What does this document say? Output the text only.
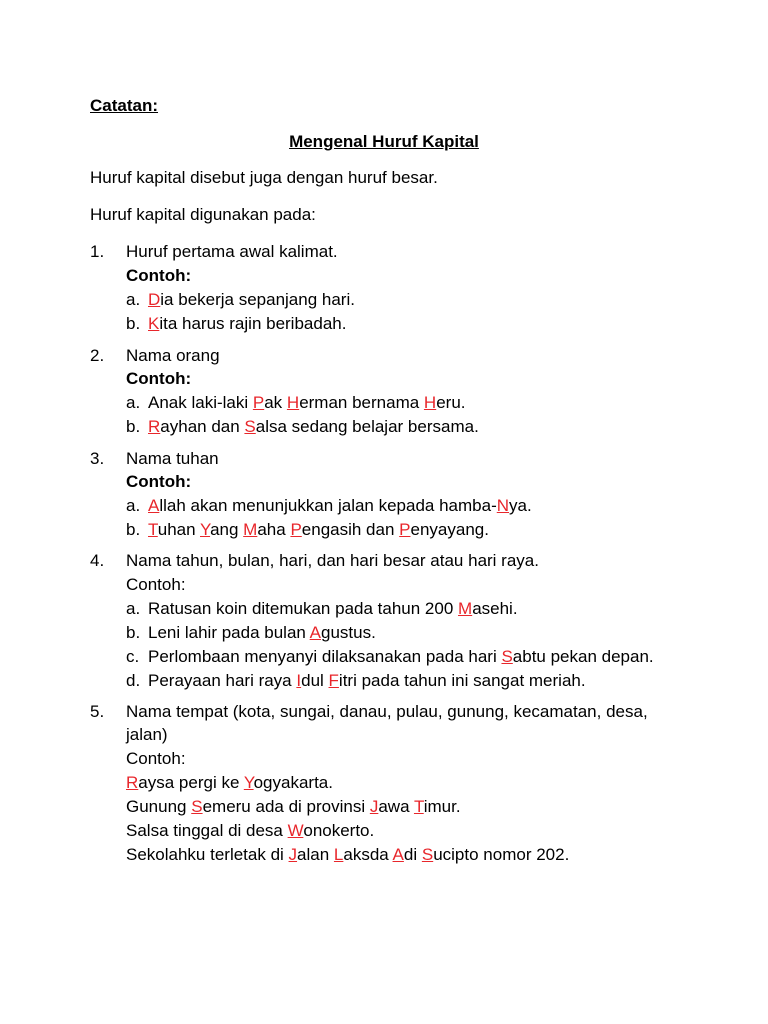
Catatan:
Mengenal Huruf Kapital
Huruf kapital disebut juga dengan huruf besar.
Huruf kapital digunakan pada:
1. Huruf pertama awal kalimat.
Contoh:
a. Dia bekerja sepanjang hari.
b. Kita harus rajin beribadah.
2. Nama orang
Contoh:
a. Anak laki-laki Pak Herman bernama Heru.
b. Rayhan dan Salsa sedang belajar bersama.
3. Nama tuhan
Contoh:
a. Allah akan menunjukkan jalan kepada hamba-Nya.
b. Tuhan Yang Maha Pengasih dan Penyayang.
4. Nama tahun, bulan, hari, dan hari besar atau hari raya.
Contoh:
a. Ratusan koin ditemukan pada tahun 200 Masehi.
b. Leni lahir pada bulan Agustus.
c. Perlombaan menyanyi dilaksanakan pada hari Sabtu pekan depan.
d. Perayaan hari raya Idul Fitri pada tahun ini sangat meriah.
5. Nama tempat (kota, sungai, danau, pulau, gunung, kecamatan, desa,
jalan)
Contoh:
Raysa pergi ke Yogyakarta.
Gunung Semeru ada di provinsi Jawa Timur.
Salsa tinggal di desa Wonokerto.
Sekolahku terletak di Jalan Laksda Adi Sucipto nomor 202.
